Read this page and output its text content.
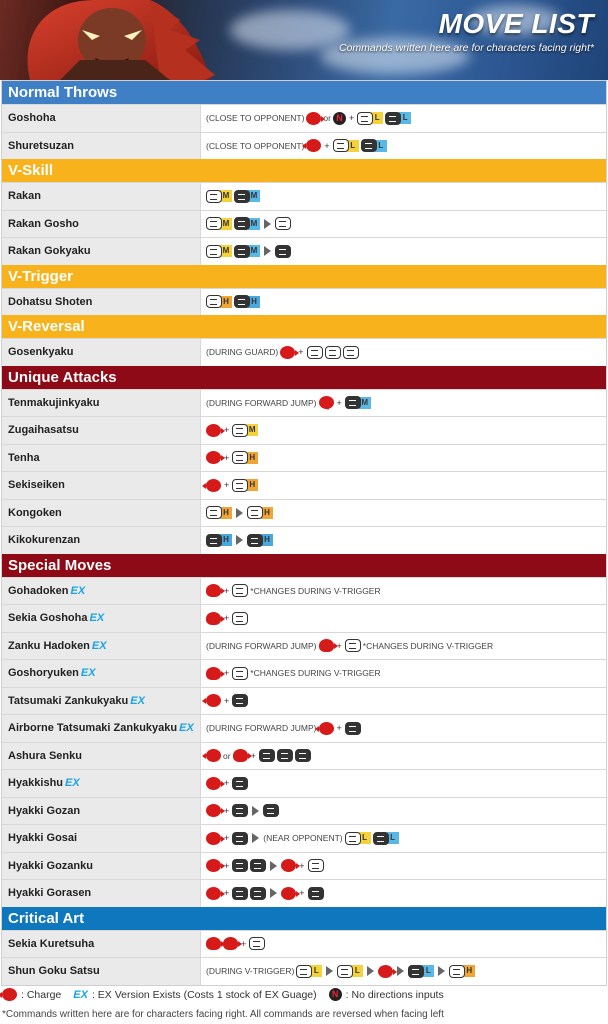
MOVE LIST
Commands written here are for characters facing right*
Normal Throws
Goshoha	(CLOSE TO OPPONENT) or N +	L	L
Shuretsuzan	(CLOSE TO OPPONENT) +	L	L
V-Skill
Rakan	M	M
Rakan Gosho	M	M
Rakan Gokyaku	M	M
V-Trigger
Dohatsu Shoten	H	H
V-Reversal
Gosenkyaku	(DURING GUARD) +
Unique Attacks
Tenmakujinkyaku	(DURING FORWARD JUMP) +	M
Zugaihasatsu	+	M
Tenha	+	H
Sekiseiken	+	H
Kongoken	H	H
Kikokurenzan	H	H
Special Moves
Gohadoken EX	+ *CHANGES DURING V-TRIGGER
Sekia Goshoha EX	+
Zanku Hadoken EX	(DURING FORWARD JUMP) + *CHANGES DURING V-TRIGGER
Goshoryuken EX	+ *CHANGES DURING V-TRIGGER
Tatsumaki Zankukyaku EX	+
Airborne Tatsumaki Zankukyaku EX (DURING FORWARD JUMP) +
Ashura Senku	or +
Hyakkishu EX	+
Hyakki Gozan	+
Hyakki Gosai	+	(NEAR OPPONENT)	L	L
Hyakki Gozanku	+	+
Hyakki Gorasen	+	+
Critical Art
Sekia Kuretsuha	+
Shun Goku Satsu	(DURING V-TRIGGER)	L	L	L	H
: Charge EX : EX Version Exists (Costs 1 stock of EX Guage)	N : No directions inputs
*Commands written here are for characters facing right. All commands are reversed when facing left
